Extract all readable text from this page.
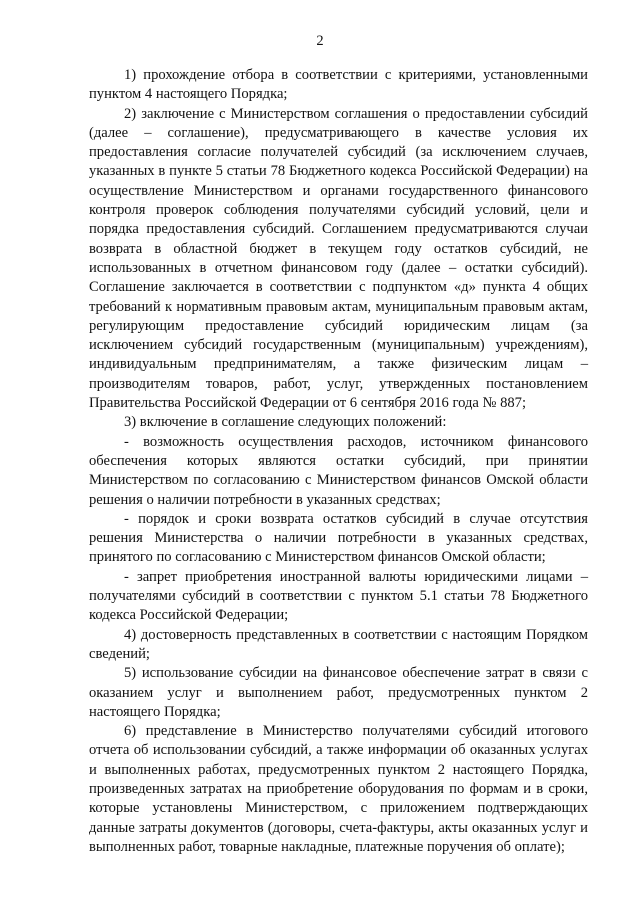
2

1) прохождение отбора в соответствии с критериями, установленными пунктом 4 настоящего Порядка;

2) заключение с Министерством соглашения о предоставлении субсидий (далее – соглашение), предусматривающего в качестве условия их предоставления согласие получателей субсидий (за исключением случаев, указанных в пункте 5 статьи 78 Бюджетного кодекса Российской Федерации) на осуществление Министерством и органами государственного финансового контроля проверок соблюдения получателями субсидий условий, цели и порядка предоставления субсидий. Соглашением предусматриваются случаи возврата в областной бюджет в текущем году остатков субсидий, не использованных в отчетном финансовом году (далее – остатки субсидий). Соглашение заключается в соответствии с подпунктом «д» пункта 4 общих требований к нормативным правовым актам, муниципальным правовым актам, регулирующим предоставление субсидий юридическим лицам (за исключением субсидий государственным (муниципальным) учреждениям), индивидуальным предпринимателям, а также физическим лицам – производителям товаров, работ, услуг, утвержденных постановлением Правительства Российской Федерации от 6 сентября 2016 года № 887;

3) включение в соглашение следующих положений:

- возможность осуществления расходов, источником финансового обеспечения которых являются остатки субсидий, при принятии Министерством по согласованию с Министерством финансов Омской области решения о наличии потребности в указанных средствах;

- порядок и сроки возврата остатков субсидий в случае отсутствия решения Министерства о наличии потребности в указанных средствах, принятого по согласованию с Министерством финансов Омской области;

- запрет приобретения иностранной валюты юридическими лицами – получателями субсидий в соответствии с пунктом 5.1 статьи 78 Бюджетного кодекса Российской Федерации;

4) достоверность представленных в соответствии с настоящим Порядком сведений;

5) использование субсидии на финансовое обеспечение затрат в связи с оказанием услуг и выполнением работ, предусмотренных пунктом 2 настоящего Порядка;

6) представление в Министерство получателями субсидий итогового отчета об использовании субсидий, а также информации об оказанных услугах и выполненных работах, предусмотренных пунктом 2 настоящего Порядка, произведенных затратах на приобретение оборудования по формам и в сроки, которые установлены Министерством, с приложением подтверждающих данные затраты документов (договоры, счета-фактуры, акты оказанных услуг и выполненных работ, товарные накладные, платежные поручения об оплате);
